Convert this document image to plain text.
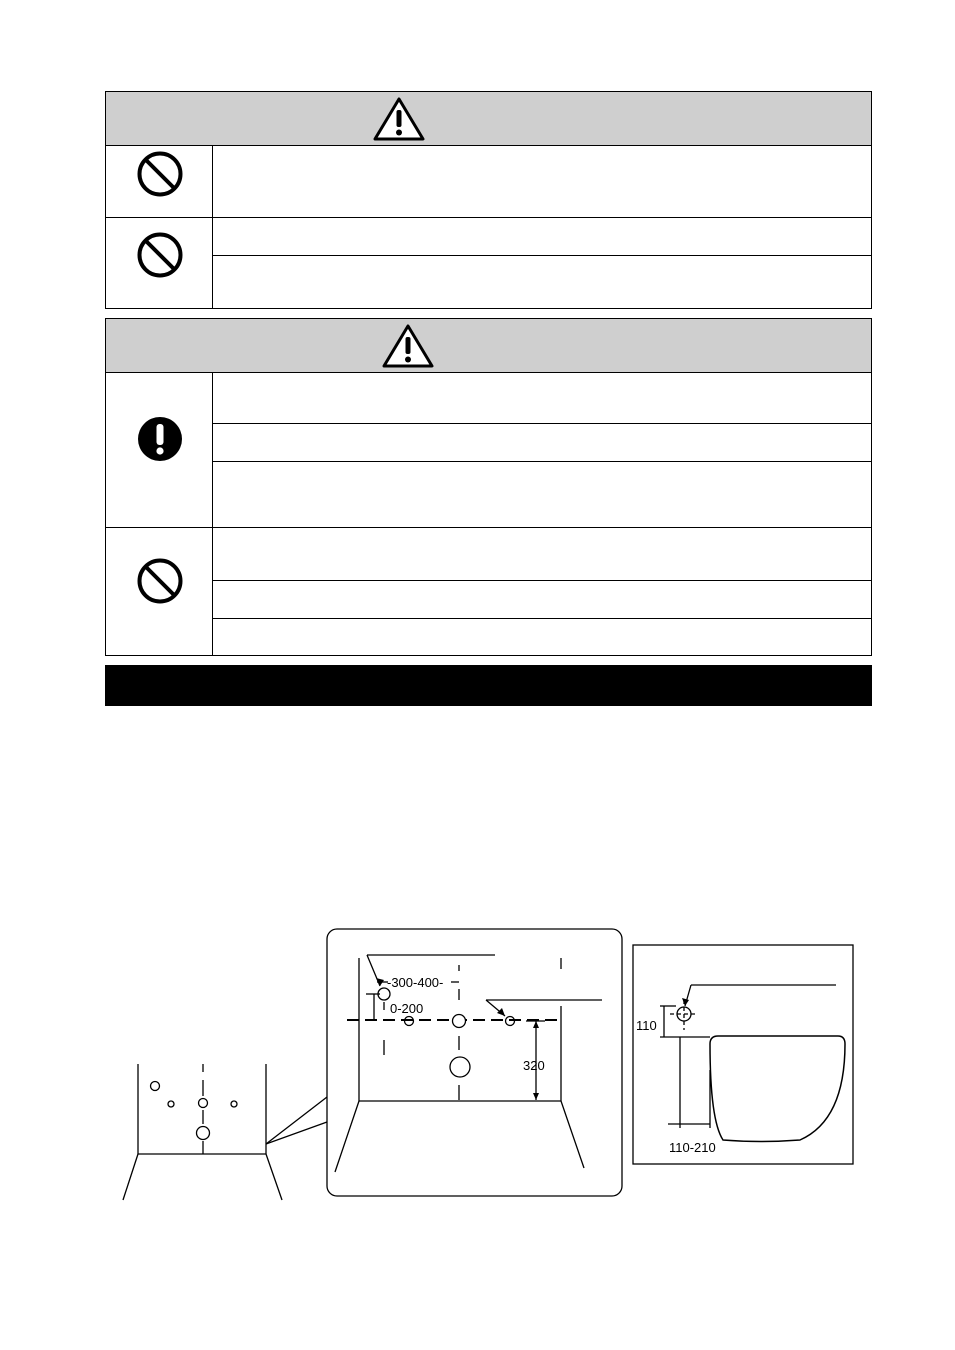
-300-400-
0-200
320
110
110-210
